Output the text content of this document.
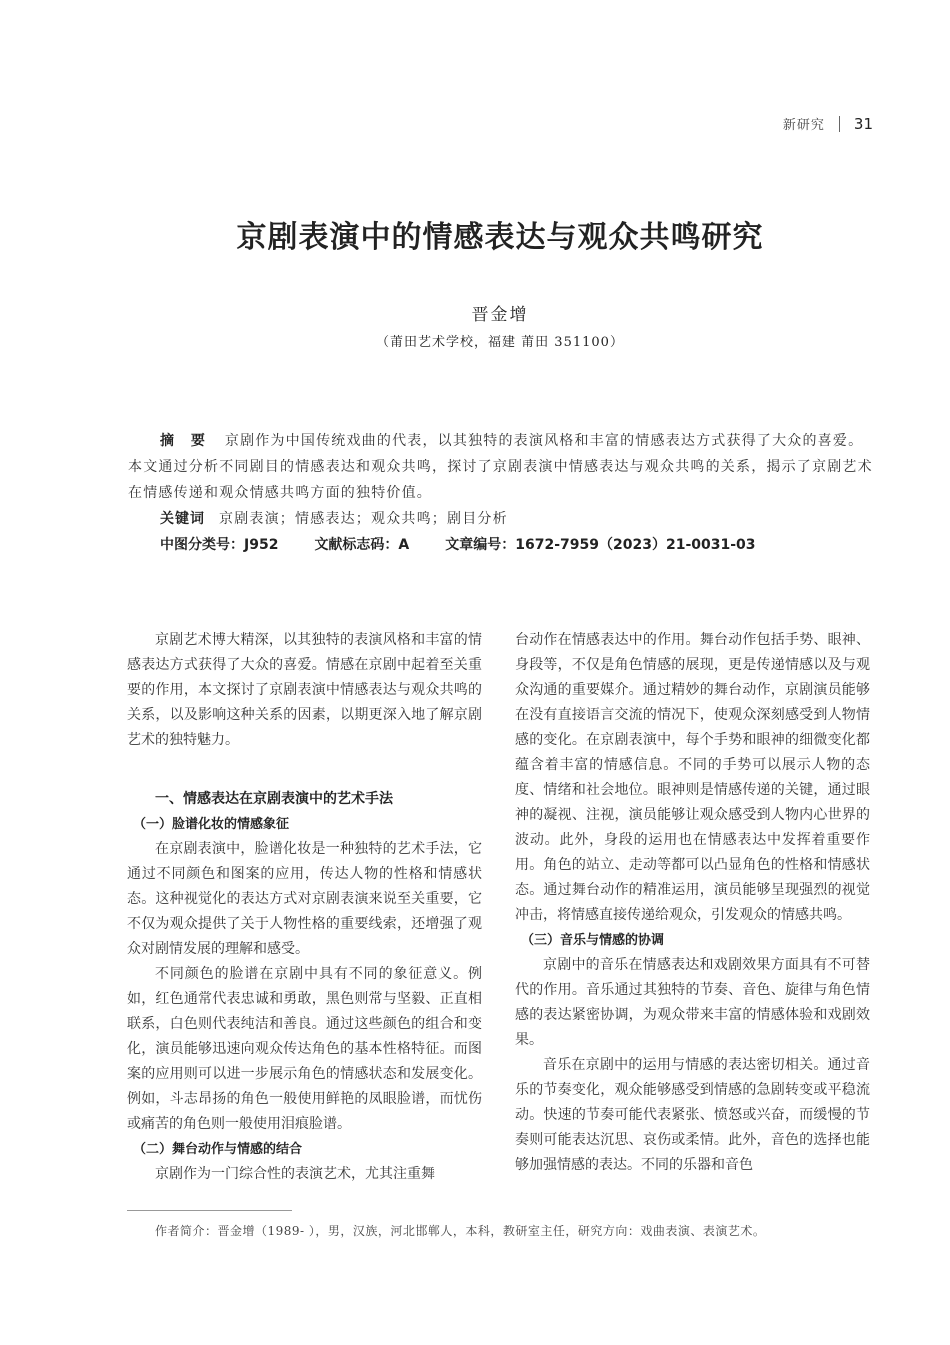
新研究 31
京剧表演中的情感表达与观众共鸣研究
晋金增
（莆田艺术学校，福建 莆田 351100）

摘 要 京剧作为中国传统戏曲的代表，以其独特的表演风格和丰富的情感表达方式获得了大众的喜爱。本文通过分析不同剧目的情感表达和观众共鸣，探讨了京剧表演中情感表达与观众共鸣的关系，揭示了京剧艺术在情感传递和观众情感共鸣方面的独特价值。

关键词 京剧表演；情感表达；观众共鸣；剧目分析
中图分类号：J952	文献标志码：A	文章编号：1672-7959（2023）21-0031-03

京剧艺术博大精深，以其独特的表演风格和丰富的情感表达方式获得了大众的喜爱。情感在京剧中起着至关重要的作用，本文探讨了京剧表演中情感表达与观众共鸣的关系，以及影响这种关系的因素，以期更深入地了解京剧艺术的独特魅力。

一、情感表达在京剧表演中的艺术手法
（一）脸谱化妆的情感象征

在京剧表演中，脸谱化妆是一种独特的艺术手法，它通过不同颜色和图案的应用，传达人物的性格和情感状态。这种视觉化的表达方式对京剧表演来说至关重要，它不仅为观众提供了关于人物性格的重要线索，还增强了观众对剧情发展的理解和感受。

不同颜色的脸谱在京剧中具有不同的象征意义。例如，红色通常代表忠诚和勇敢，黑色则常与坚毅、正直相联系，白色则代表纯洁和善良。通过这些颜色的组合和变化，演员能够迅速向观众传达角色的基本性格特征。而图案的应用则可以进一步展示角色的情感状态和发展变化。例如，斗志昂扬的角色一般使用鲜艳的凤眼脸谱，而忧伤或痛苦的角色则一般使用泪痕脸谱。

（二）舞台动作与情感的结合

京剧作为一门综合性的表演艺术，尤其注重舞

台动作在情感表达中的作用。舞台动作包括手势、眼神、身段等，不仅是角色情感的展现，更是传递情感以及与观众沟通的重要媒介。通过精妙的舞台动作，京剧演员能够在没有直接语言交流的情况下，使观众深刻感受到人物情感的变化。在京剧表演中，每个手势和眼神的细微变化都蕴含着丰富的情感信息。不同的手势可以展示人物的态度、情绪和社会地位。眼神则是情感传递的关键，通过眼神的凝视、注视，演员能够让观众感受到人物内心世界的波动。此外，身段的运用也在情感表达中发挥着重要作用。角色的站立、走动等都可以凸显角色的性格和情感状态。通过舞台动作的精准运用，演员能够呈现强烈的视觉冲击，将情感直接传递给观众，引发观众的情感共鸣。

（三）音乐与情感的协调

京剧中的音乐在情感表达和戏剧效果方面具有不可替代的作用。音乐通过其独特的节奏、音色、旋律与角色情感的表达紧密协调，为观众带来丰富的情感体验和戏剧效果。

音乐在京剧中的运用与情感的表达密切相关。通过音乐的节奏变化，观众能够感受到情感的急剧转变或平稳流动。快速的节奏可能代表紧张、愤怒或兴奋，而缓慢的节奏则可能表达沉思、哀伤或柔情。此外，音色的选择也能够加强情感的表达。不同的乐器和音色

作者简介：晋金增（1989- ），男，汉族，河北邯郸人，本科，教研室主任，研究方向：戏曲表演、表演艺术。
